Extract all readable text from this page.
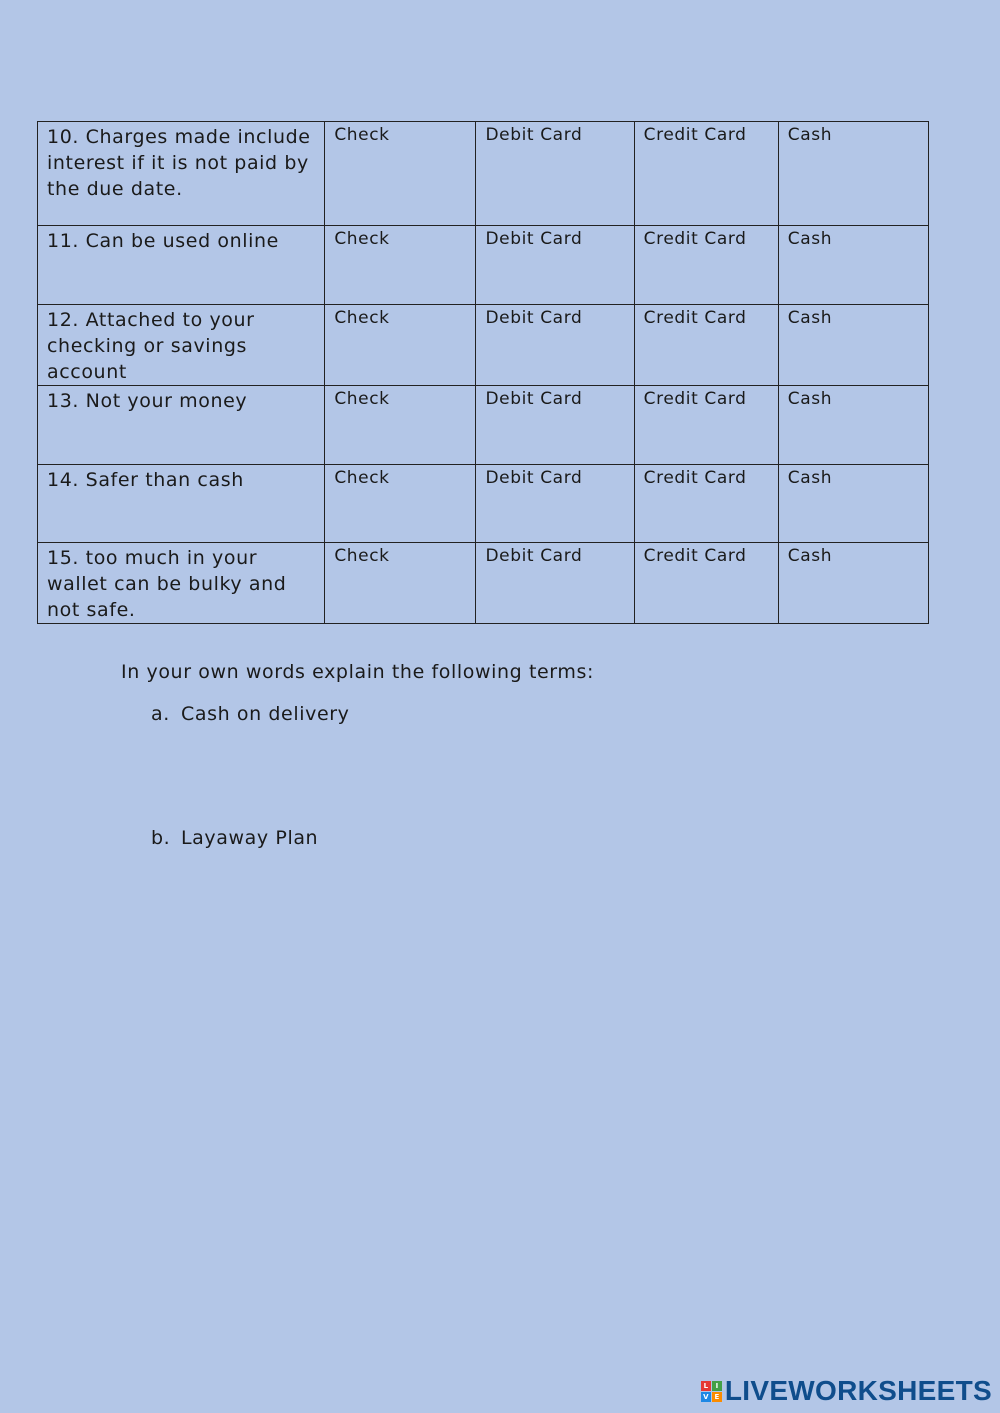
10. Charges made include interest if it is not paid by the due date.	Check	Debit Card	Credit Card	Cash
11. Can be used online	Check	Debit Card	Credit Card	Cash
12. Attached to your checking or savings account	Check	Debit Card	Credit Card	Cash
13. Not your money	Check	Debit Card	Credit Card	Cash
14. Safer than cash	Check	Debit Card	Credit Card	Cash
15. too much in your wallet can be bulky and not safe.	Check	Debit Card	Credit Card	Cash
In your own words explain the following terms:
a. Cash on delivery
b. Layaway Plan
L	I
V E LIVEWORKSHEETS
